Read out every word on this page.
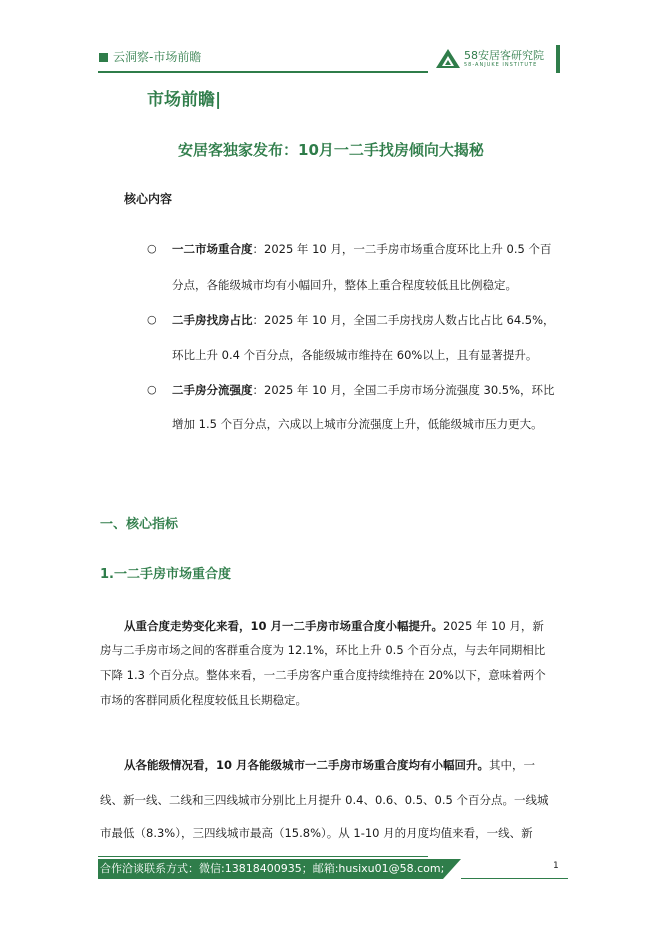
云洞察-市场前瞻	58安居客研究院
58-ANJUKE INSTITUTE
市场前瞻|
安居客独家发布：10月一二手找房倾向大揭秘
核心内容
○ 一二市场重合度：2025 年 10 月，一二手房市场重合度环比上升 0.5 个百
分点，各能级城市均有小幅回升，整体上重合程度较低且比例稳定。
○ 二手房找房占比：2025 年 10 月，全国二手房找房人数占比占比 64.5%，
环比上升 0.4 个百分点，各能级城市维持在 60%以上，且有显著提升。
○ 二手房分流强度：2025 年 10 月，全国二手房市场分流强度 30.5%，环比
增加 1.5 个百分点，六成以上城市分流强度上升，低能级城市压力更大。
一、核心指标
1.一二手房市场重合度
从重合度走势变化来看，10 月一二手房市场重合度小幅提升。2025 年 10 月，新
房与二手房市场之间的客群重合度为 12.1%，环比上升 0.5 个百分点，与去年同期相比
下降 1.3 个百分点。整体来看，一二手房客户重合度持续维持在 20%以下，意味着两个
市场的客群同质化程度较低且长期稳定。
从各能级情况看，10 月各能级城市一二手房市场重合度均有小幅回升。其中，一
线、新一线、二线和三四线城市分别比上月提升 0.4、0.6、0.5、0.5 个百分点。一线城
市最低（8.3%），三四线城市最高（15.8%）。从 1-10 月的月度均值来看，一线、新
合作洽谈联系方式：微信:13818400935；邮箱:husixu01@58.com;	1
